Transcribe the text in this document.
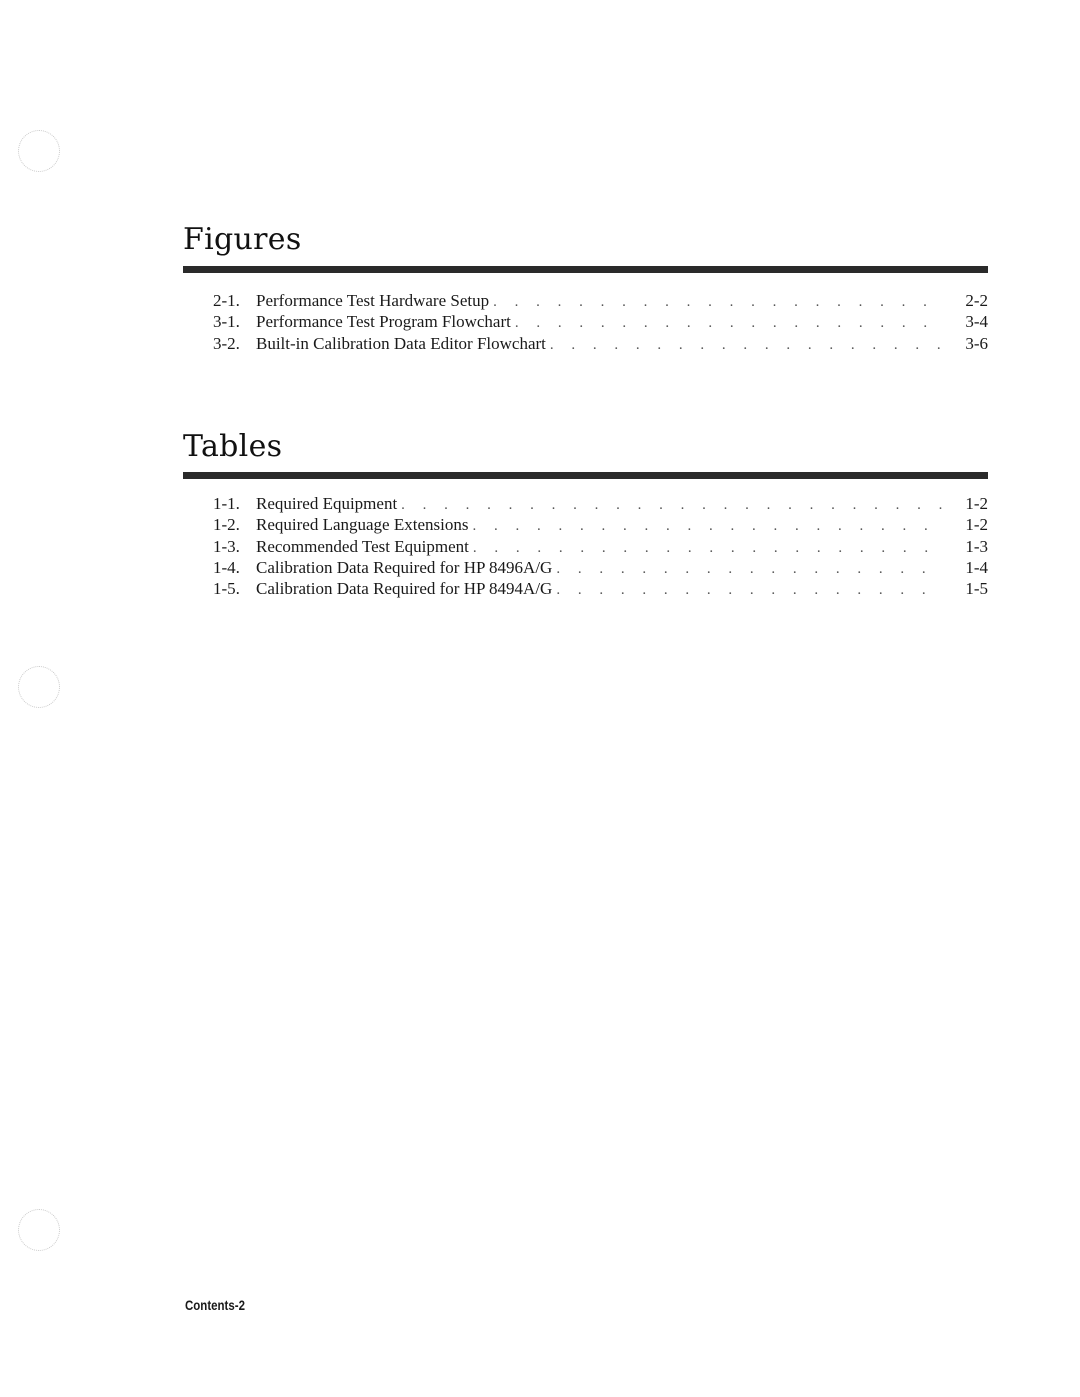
Figures
2-1. Performance Test Hardware Setup . . .	2-2
3-1. Performance Test Program Flowchart . . .	3-4
3-2. Built-in Calibration Data Editor Flowchart . . .	3-6
Tables
1-1. Required Equipment . . .	1-2
1-2. Required Language Extensions . . .	1-2
1-3. Recommended Test Equipment . . .	1-3
1-4. Calibration Data Required for HP 8496A/G . . .	1-4
1-5. Calibration Data Required for HP 8494A/G . . .	1-5
Contents-2
